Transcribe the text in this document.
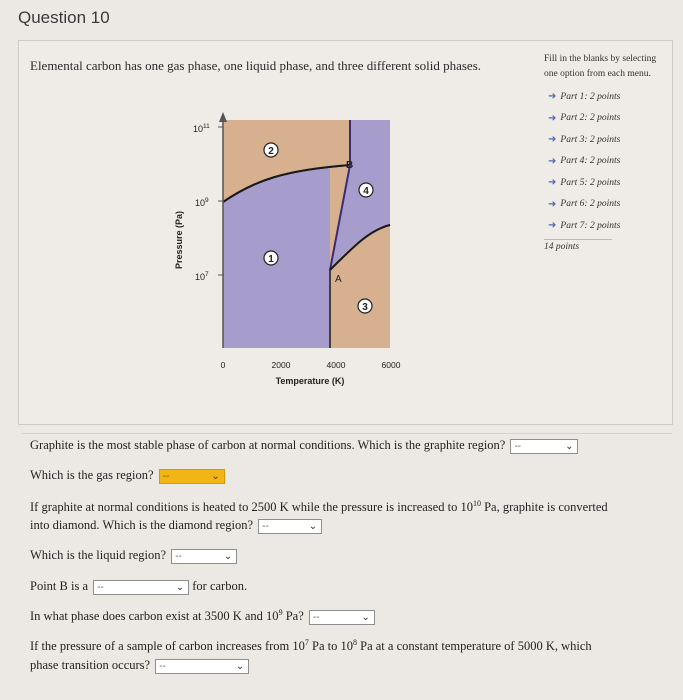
Question 10
Elemental carbon has one gas phase, one liquid phase, and three different solid phases.	Fill in the blanks by selecting
one option from each menu.
➜ Part 1: 2 points
➜ Part 2: 2 points
➜ Part 3: 2 points
➜ Part 4: 2 points
➜ Part 5: 2 points
➜ Part 6: 2 points
➜ Part 7: 2 points
14 points
$10^{11}$
$10^9$
$10^7$
Pressure (Pa)
0	2000	4000	6000
Temperature (K)
2
1
4
3
B
A
Graphite is the most stable phase of carbon at normal conditions. Which is the graphite region? --	⌄
Which is the gas region? --	⌄
If graphite at normal conditions is heated to 2500 K while the pressure is increased to $10^{10}$ Pa, graphite is converted
into diamond. Which is the diamond region? --	⌄
Which is the liquid region? --	⌄
Point B is a --	⌄ for carbon.
In what phase does carbon exist at 3500 K and $10^9$ Pa? --	⌄
If the pressure of a sample of carbon increases from $10^7$ Pa to $10^8$ Pa at a constant temperature of 5000 K, which
phase transition occurs? --	⌄
